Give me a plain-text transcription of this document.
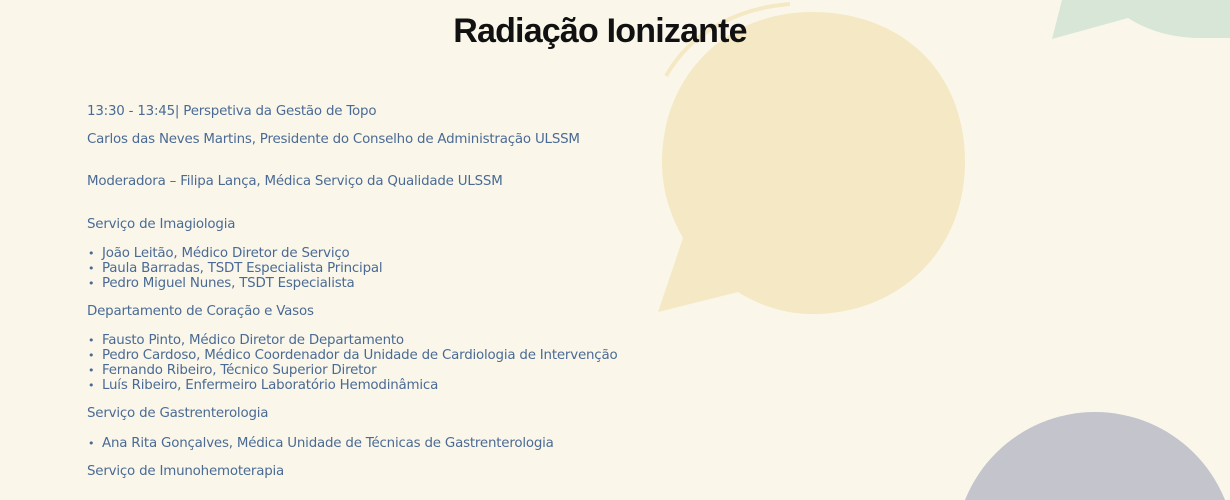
Radiação Ionizante
13:30 - 13:45| Perspetiva da Gestão de Topo
Carlos das Neves Martins, Presidente do Conselho de Administração ULSSM
Moderadora – Filipa Lança, Médica Serviço da Qualidade ULSSM
Serviço de Imagiologia
• João Leitão, Médico Diretor de Serviço
• Paula Barradas, TSDT Especialista Principal
• Pedro Miguel Nunes, TSDT Especialista
Departamento de Coração e Vasos
• Fausto Pinto, Médico Diretor de Departamento
• Pedro Cardoso, Médico Coordenador da Unidade de Cardiologia de Intervenção
• Fernando Ribeiro, Técnico Superior Diretor
• Luís Ribeiro, Enfermeiro Laboratório Hemodinâmica
Serviço de Gastrenterologia
• Ana Rita Gonçalves, Médica Unidade de Técnicas de Gastrenterologia
Serviço de Imunohemoterapia
